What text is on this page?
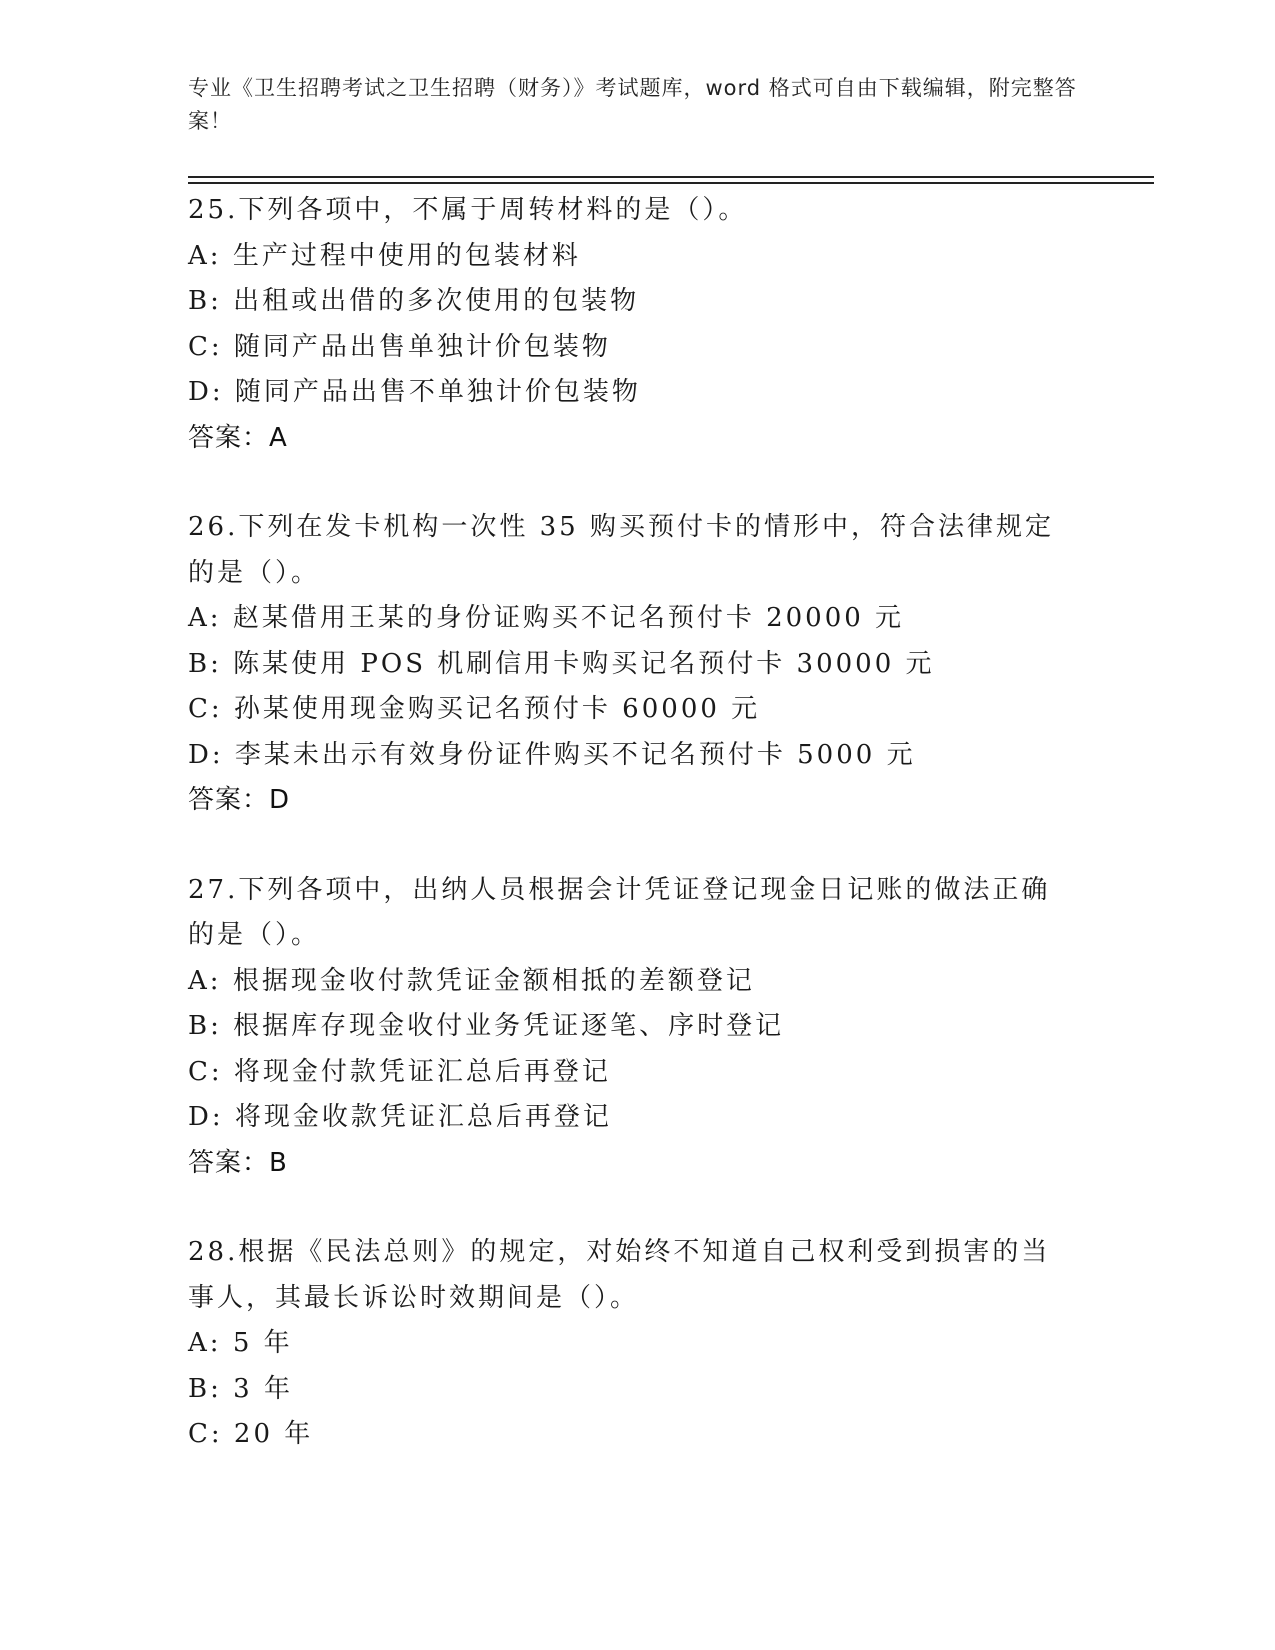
专业《卫生招聘考试之卫生招聘（财务）》考试题库，word 格式可自由下载编辑，附完整答案！
25.下列各项中，不属于周转材料的是（）。
A: 生产过程中使用的包装材料
B: 出租或出借的多次使用的包装物
C: 随同产品出售单独计价包装物
D: 随同产品出售不单独计价包装物
答案：A
26.下列在发卡机构一次性 35 购买预付卡的情形中，符合法律规定的是（）。
A: 赵某借用王某的身份证购买不记名预付卡 20000 元
B: 陈某使用 POS 机刷信用卡购买记名预付卡 30000 元
C: 孙某使用现金购买记名预付卡 60000 元
D: 李某未出示有效身份证件购买不记名预付卡 5000 元
答案：D
27.下列各项中，出纳人员根据会计凭证登记现金日记账的做法正确的是（）。
A: 根据现金收付款凭证金额相抵的差额登记
B: 根据库存现金收付业务凭证逐笔、序时登记
C: 将现金付款凭证汇总后再登记
D: 将现金收款凭证汇总后再登记
答案：B
28.根据《民法总则》的规定，对始终不知道自己权利受到损害的当事人，其最长诉讼时效期间是（）。
A: 5 年
B: 3 年
C: 20 年
